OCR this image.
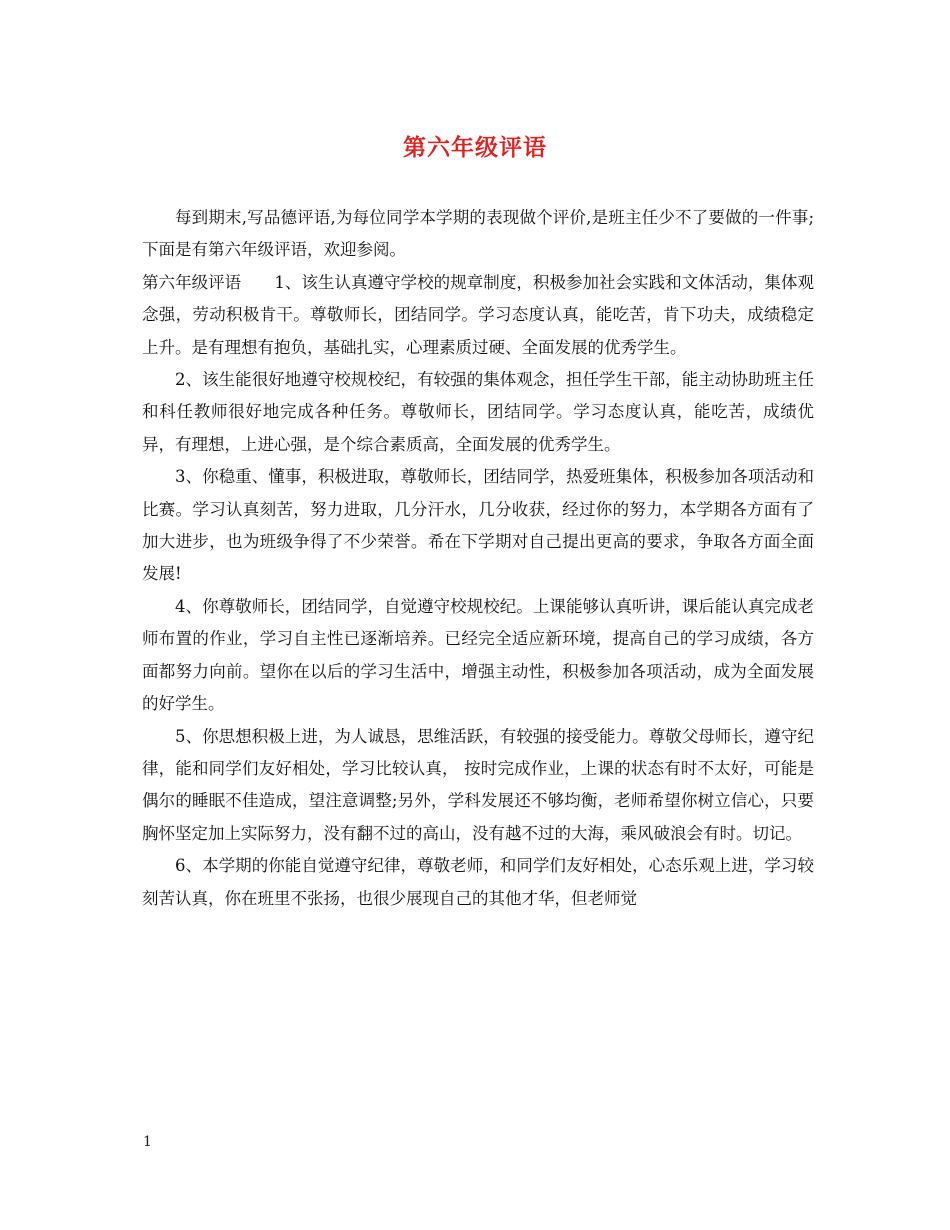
第六年级评语

每到期末,写品德评语,为每位同学本学期的表现做个评价,是班主任少不了要做的一件事;下面是有第六年级评语，欢迎参阅。

第六年级评语　　 1、该生认真遵守学校的规章制度，积极参加社会实践和文体活动，集体观念强，劳动积极肯干。尊敬师长，团结同学。学习态度认真，能吃苦，肯下功夫，成绩稳定上升。是有理想有抱负，基础扎实，心理素质过硬、全面发展的优秀学生。

2、该生能很好地遵守校规校纪，有较强的集体观念，担任学生干部，能主动协助班主任和科任教师很好地完成各种任务。尊敬师长，团结同学。学习态度认真，能吃苦，成绩优异，有理想，上进心强，是个综合素质高，全面发展的优秀学生。

3、你稳重、懂事，积极进取，尊敬师长，团结同学，热爱班集体，积极参加各项活动和比赛。学习认真刻苦，努力进取，几分汗水，几分收获，经过你的努力，本学期各方面有了加大进步，也为班级争得了不少荣誉。希在下学期对自己提出更高的要求，争取各方面全面发展!

4、你尊敬师长，团结同学，自觉遵守校规校纪。上课能够认真听讲，课后能认真完成老师布置的作业，学习自主性已逐渐培养。已经完全适应新环境，提高自己的学习成绩，各方面都努力向前。望你在以后的学习生活中，增强主动性，积极参加各项活动，成为全面发展的好学生。

5、你思想积极上进，为人诚恳，思维活跃，有较强的接受能力。尊敬父母师长，遵守纪律，能和同学们友好相处，学习比较认真， 按时完成作业，上课的状态有时不太好，可能是偶尔的睡眠不佳造成，望注意调整;另外，学科发展还不够均衡，老师希望你树立信心，只要胸怀坚定加上实际努力，没有翻不过的高山，没有越不过的大海，乘风破浪会有时。切记。

6、本学期的你能自觉遵守纪律，尊敬老师，和同学们友好相处，心态乐观上进，学习较刻苦认真，你在班里不张扬，也很少展现自己的其他才华，但老师觉

1
